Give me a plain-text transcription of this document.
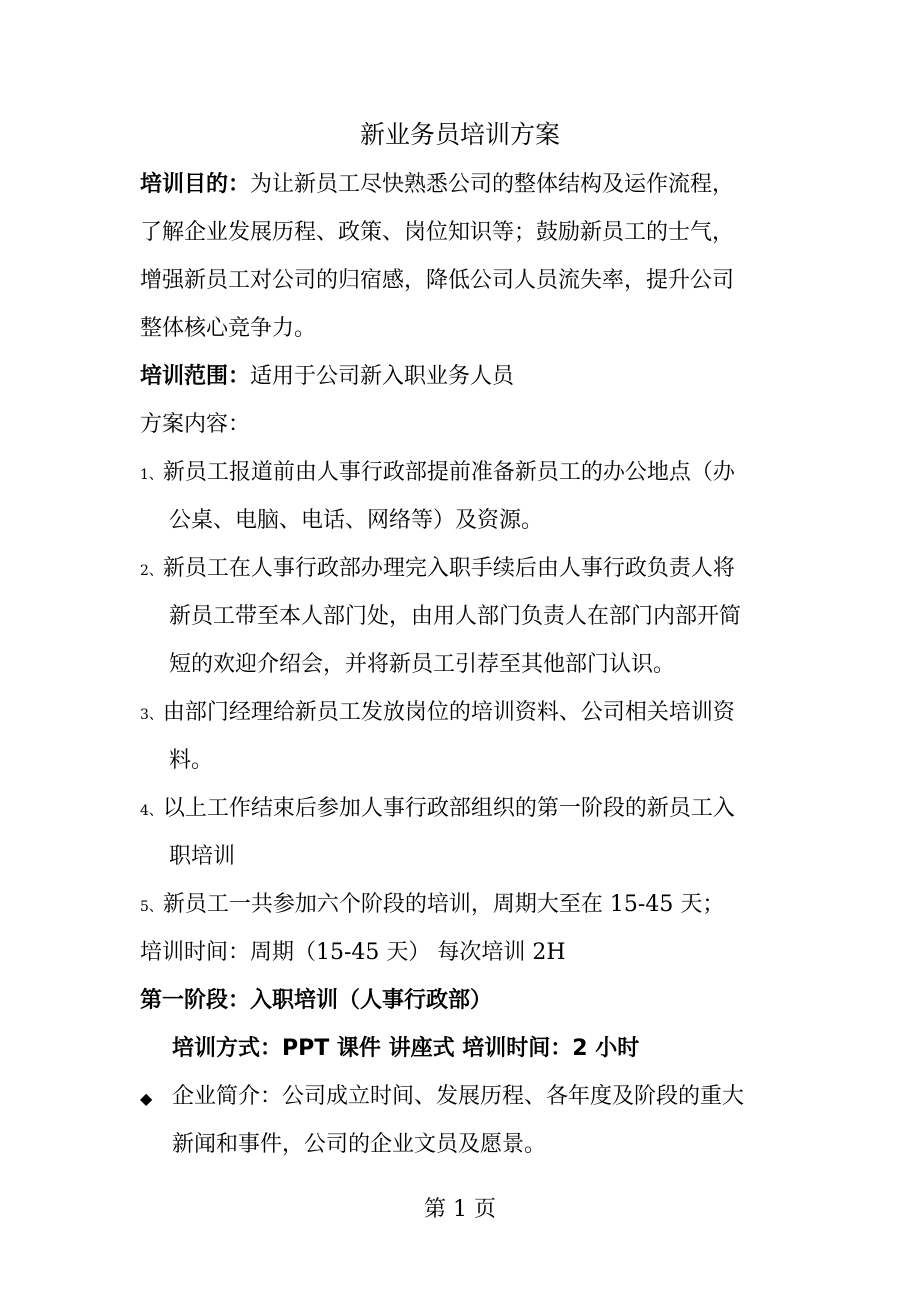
新业务员培训方案
培训目的：为让新员工尽快熟悉公司的整体结构及运作流程，
了解企业发展历程、政策、岗位知识等；鼓励新员工的士气，
增强新员工对公司的归宿感，降低公司人员流失率，提升公司
整体核心竞争力。
培训范围：适用于公司新入职业务人员
方案内容：
1、新员工报道前由人事行政部提前准备新员工的办公地点（办
公桌、电脑、电话、网络等）及资源。
2、新员工在人事行政部办理完入职手续后由人事行政负责人将
新员工带至本人部门处，由用人部门负责人在部门内部开简
短的欢迎介绍会，并将新员工引荐至其他部门认识。
3、由部门经理给新员工发放岗位的培训资料、公司相关培训资
料。
4、以上工作结束后参加人事行政部组织的第一阶段的新员工入
职培训
5、新员工一共参加六个阶段的培训，周期大至在 15-45 天；
培训时间：周期（15-45 天） 每次培训 2H
第一阶段：入职培训（人事行政部）
培训方式：PPT 课件 讲座式 培训时间：2 小时
◆ 企业简介：公司成立时间、发展历程、各年度及阶段的重大
新闻和事件，公司的企业文员及愿景。
第 1 页
